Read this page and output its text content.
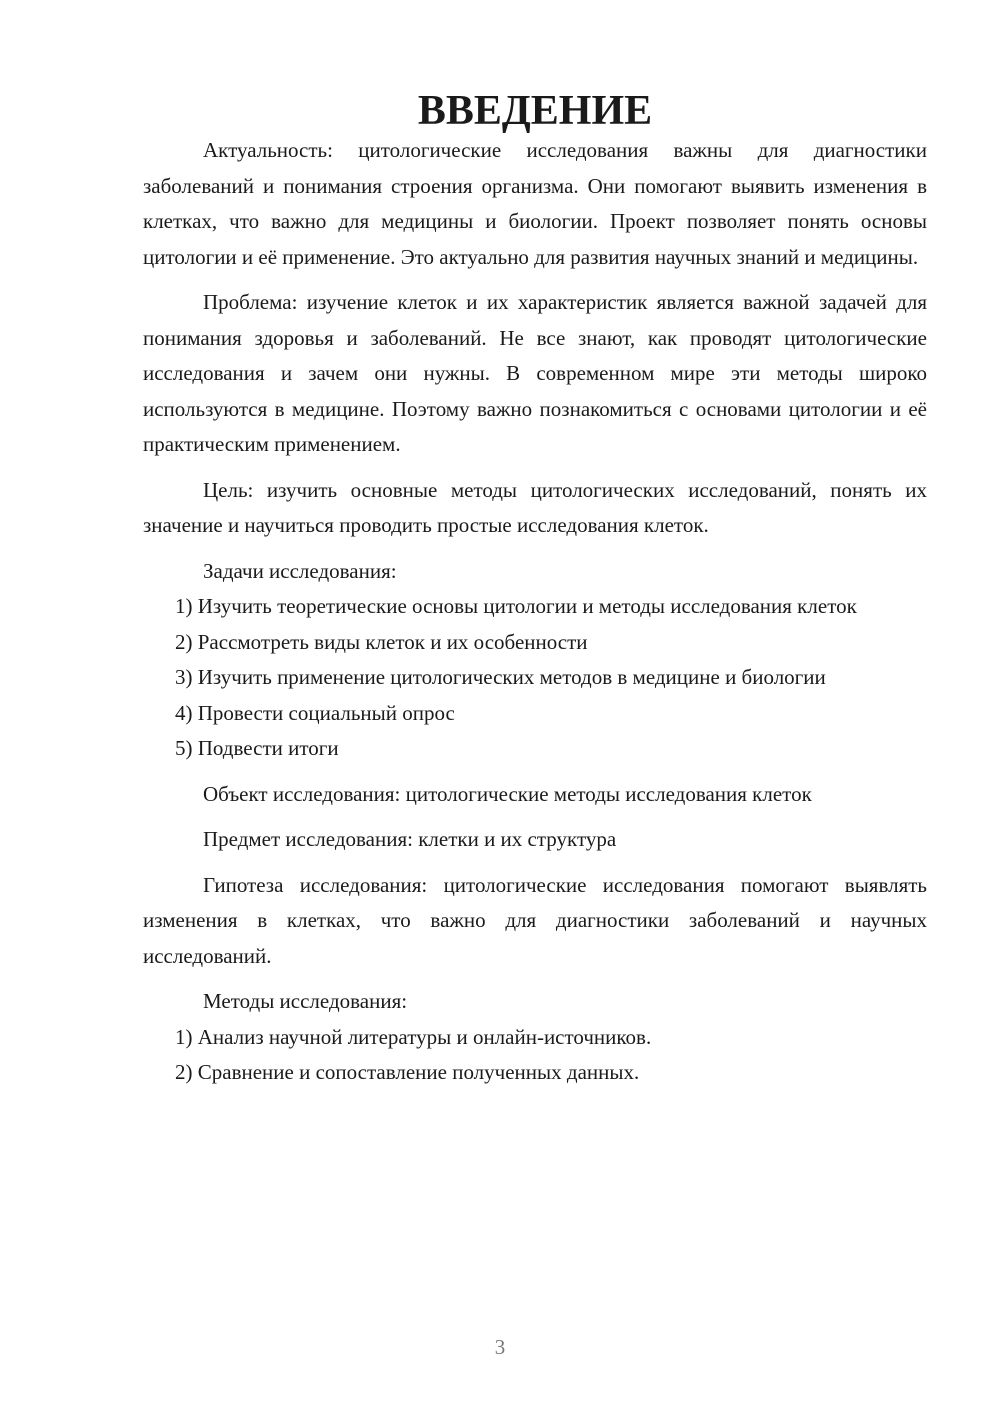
ВВЕДЕНИЕ

Актуальность: цитологические исследования важны для диагностики заболеваний и понимания строения организма. Они помогают выявить изменения в клетках, что важно для медицины и биологии. Проект позволяет понять основы цитологии и её применение. Это актуально для развития научных знаний и медицины.

Проблема: изучение клеток и их характеристик является важной задачей для понимания здоровья и заболеваний. Не все знают, как проводят цитологические исследования и зачем они нужны. В современном мире эти методы широко используются в медицине. Поэтому важно познакомиться с основами цитологии и её практическим применением.

Цель: изучить основные методы цитологических исследований, понять их значение и научиться проводить простые исследования клеток.

Задачи исследования:

1) Изучить теоретические основы цитологии и методы исследования клеток

2) Рассмотреть виды клеток и их особенности

3) Изучить применение цитологических методов в медицине и биологии

4) Провести социальный опрос

5) Подвести итоги

Объект исследования: цитологические методы исследования клеток

Предмет исследования: клетки и их структура

Гипотеза исследования: цитологические исследования помогают выявлять изменения в клетках, что важно для диагностики заболеваний и научных исследований.

Методы исследования:

1) Анализ научной литературы и онлайн-источников.

2) Сравнение и сопоставление полученных данных.

3
